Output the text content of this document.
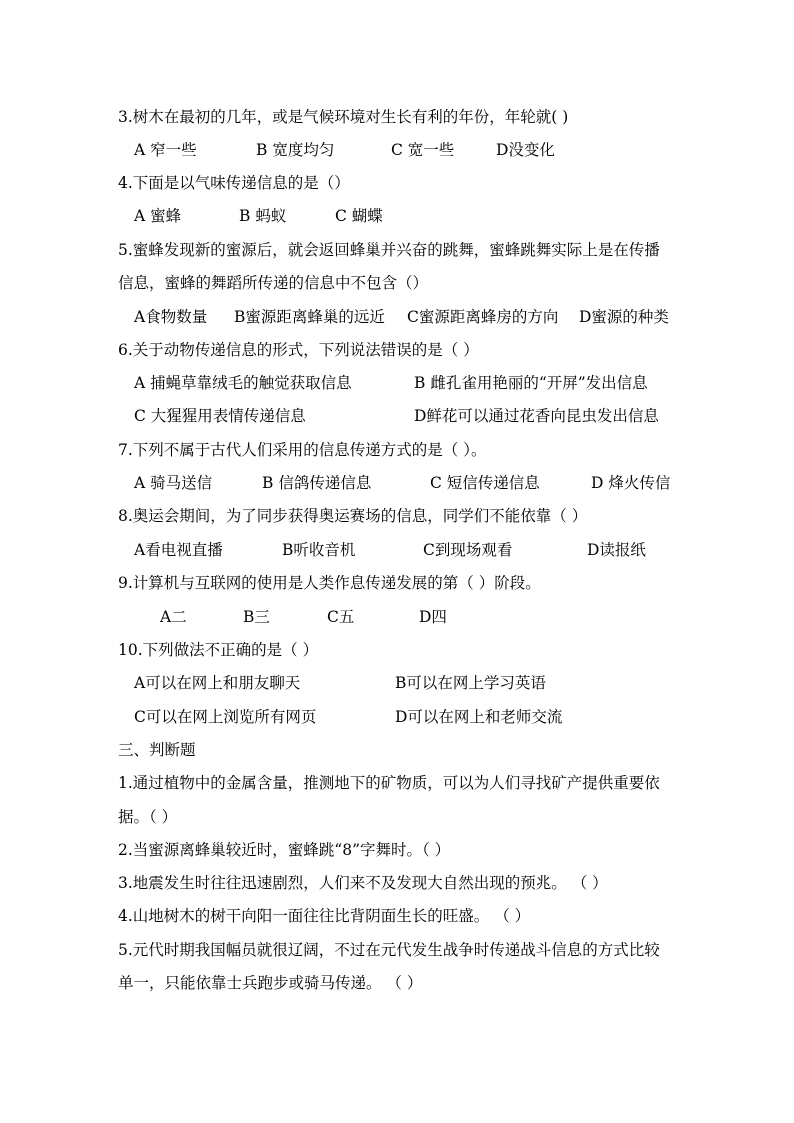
3.树木在最初的几年，或是气候环境对生长有利的年份，年轮就( )
A 窄一些	B 宽度均匀	C 宽一些	D没变化
4.下面是以气味传递信息的是（）
A 蜜蜂	B 蚂蚁	C 蝴蝶
5.蜜蜂发现新的蜜源后，就会返回蜂巢并兴奋的跳舞，蜜蜂跳舞实际上是在传播
信息，蜜蜂的舞蹈所传递的信息中不包含（）
A食物数量 B蜜源距离蜂巢的远近 C蜜源距离蜂房的方向 D蜜源的种类
6.关于动物传递信息的形式，下列说法错误的是（ ）
A 捕蝇草靠绒毛的触觉获取信息	B 雌孔雀用艳丽的“开屏”发出信息
C 大猩猩用表情传递信息	D鲜花可以通过花香向昆虫发出信息
7.下列不属于古代人们采用的信息传递方式的是（ ）。
A 骑马送信	B 信鸽传递信息	C 短信传递信息	D 烽火传信
8.奥运会期间，为了同步获得奥运赛场的信息，同学们不能依靠（ ）
A看电视直播	B听收音机	C到现场观看	D读报纸
9.计算机与互联网的使用是人类作息传递发展的第（ ）阶段。
A二	B三	C五	D四
10.下列做法不正确的是（ ）
A可以在网上和朋友聊天	B可以在网上学习英语
C可以在网上浏览所有网页	D可以在网上和老师交流
三、判断题
1.通过植物中的金属含量，推测地下的矿物质，可以为人们寻找矿产提供重要依
据。（ ）
2.当蜜源离蜂巢较近时，蜜蜂跳“8”字舞时。（ ）
3.地震发生时往往迅速剧烈，人们来不及发现大自然出现的预兆。 （ ）
4.山地树木的树干向阳一面往往比背阴面生长的旺盛。 （ ）
5.元代时期我国幅员就很辽阔，不过在元代发生战争时传递战斗信息的方式比较
单一，只能依靠士兵跑步或骑马传递。 （ ）
